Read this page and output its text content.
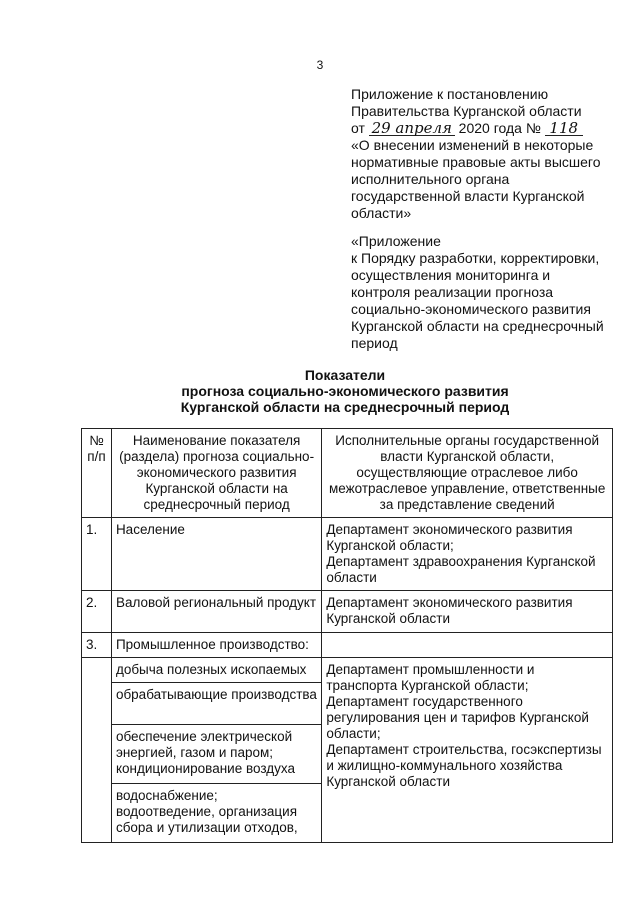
3
Приложение к постановлению
Правительства Курганской области
от 29 апреля 2020 года № 118
«О внесении изменений в некоторые
нормативные правовые акты высшего
исполнительного органа
государственной власти Курганской
области»
«Приложение
к Порядку разработки, корректировки,
осуществления мониторинга и
контроля реализации прогноза
социально-экономического развития
Курганской области на среднесрочный
период
Показатели
прогноза социально-экономического развития
Курганской области на среднесрочный период
№ п/п	Наименование показателя (раздела) прогноза социально-экономического развития Курганской области на среднесрочный период	Исполнительные органы государственной власти Курганской области, осуществляющие отраслевое либо межотраслевое управление, ответственные за представление сведений
1.	Население	Департамент экономического развития Курганской области;
Департамент здравоохранения Курганской области

2.	Валовой региональный продукт	Департамент экономического развития Курганской области

3.	Промышленное производство:	
	добыча полезных ископаемых	Департамент промышленности и транспорта Курганской области;
Департамент государственного регулирования цен и тарифов Курганской области;
Департамент строительства, госэкспертизы и жилищно-коммунального хозяйства Курганской области

	обрабатывающие производства	
	обеспечение электрической энергией, газом и паром; кондиционирование воздуха	
	водоснабжение; водоотведение, организация сбора и утилизации отходов,	
